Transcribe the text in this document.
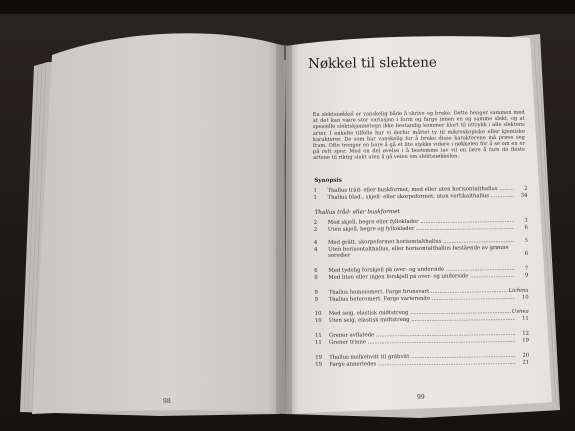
Nøkkel til slektene
En slektsnøkkel er vanskelig både å skrive og bruke. Dette henger sammen med at det kan være stor variasjon i form og farge innen en og samme slekt, og at spesielle slektskjennetegn ikke bestandig kommer klart til uttrykk i alle slektens arter. I enkelte tilfelle har vi derfor måttet ty til mikroskopiske eller kjemiske karakterer. De som har vanskelig for å bruke disse karakterene må prøve seg fram. Ofte trenger en bare å gå et lite stykke videre i nøkkelen for å se om en er på rett spor. Med en del øvelse i å bestemme lav vil en lære å fare de fleste artene til riktig slekt uten å gå veien om slektsnøkkelen.
Synopsis
1	Thallus tråd- eller buskformet, med eller uten horisontalthallus .....	2
1	Thallus blad-, skjell- eller skorpeformet, uten vertikalthallus .....	34
Thallus tråd- eller buskformet
2	Med skjell, begre eller fylloklader .....	3
2	Uten skjell, begre og fylloklader .....	6
4	Med grått, skorpeformet horisontalthallus .....	5
4	Uten horisontalthallus, eller horisontalthallus bestående av grønne soredier	6
6	Med tydelig forskjell på over- og underside .....	7
6	Med liten eller ingen forskjell på over- og underside .....	9
9	Thallus homoiomert. Farge brunsvart .....	Lichina
9	Thallus heteromert. Farge varierende .....	10
10	Med seig, elastisk midtstreng .....	Usnea
10	Uten seig, elastisk midtstreng .....	11
11	Grener avflatede .....	12
11	Grener trinne .....	19
19	Thallus melkehvitt til gråhvitt .....	20
19	Farge annerledes .....	21
98
99
